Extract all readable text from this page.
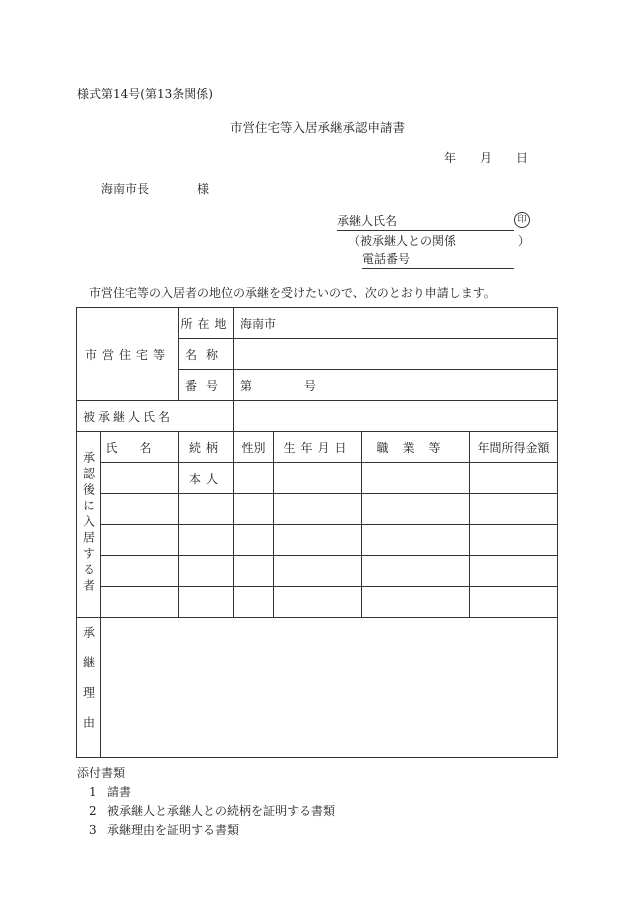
様式第14号(第13条関係)
市営住宅等入居承継承認申請書
年 月 日
海南市長	様
承継人氏名	印
（被承継人との関係	）
電話番号
市営住宅等の入居者の地位の承継を受けたいので、次のとおり申請します。
市営住宅等		所在地	海南市			
		名称				
		番号	第 号			
被承継人氏名						
承認後に入居する者	氏名	続柄	性別	生年月日	職業等	年間所得金額
		本人				

承継理由						
添付書類
1 請書
2 被承継人と承継人との続柄を証明する書類
3 承継理由を証明する書類
